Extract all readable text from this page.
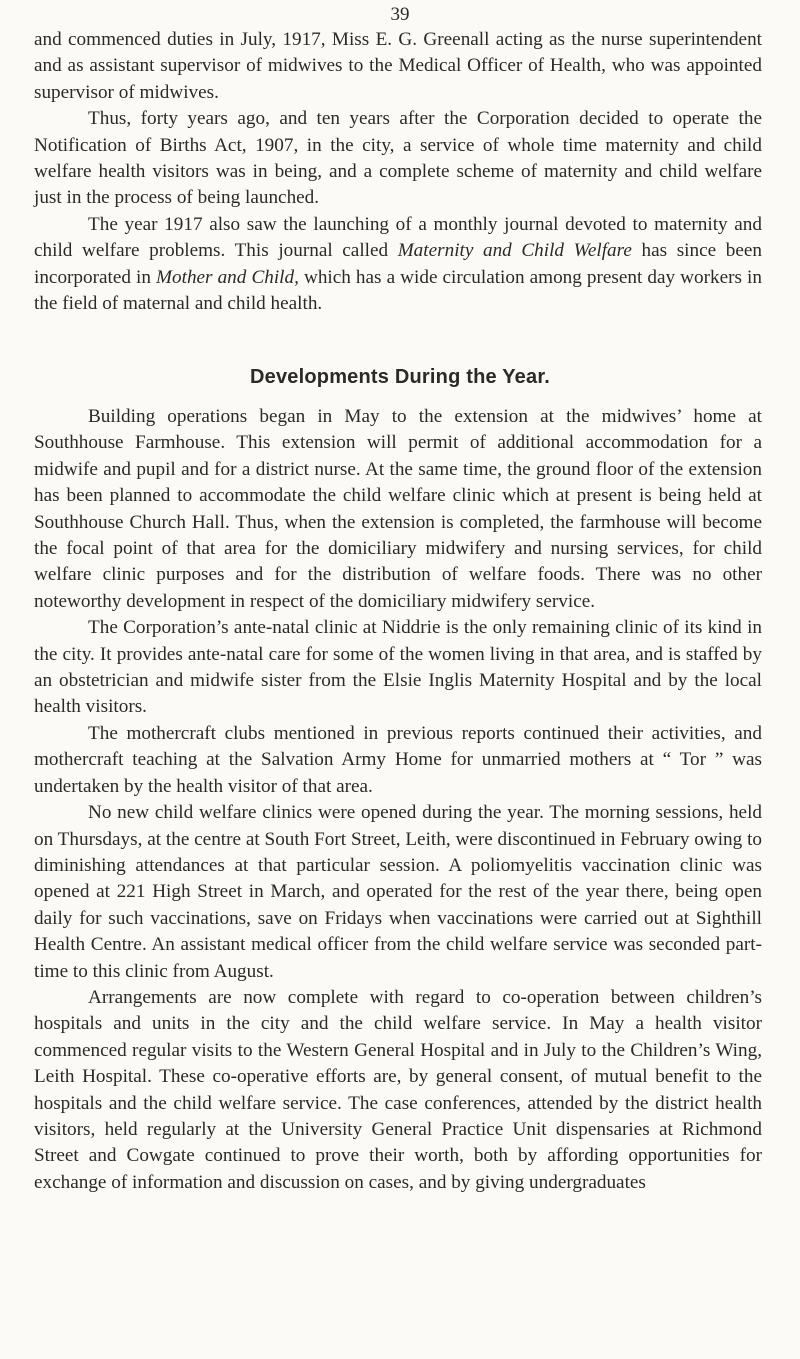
39

and commenced duties in July, 1917, Miss E. G. Greenall acting as the nurse superintendent and as assistant supervisor of midwives to the Medical Officer of Health, who was appointed supervisor of midwives.

Thus, forty years ago, and ten years after the Corporation decided to operate the Notification of Births Act, 1907, in the city, a service of whole time maternity and child welfare health visitors was in being, and a complete scheme of maternity and child welfare just in the process of being launched.

The year 1917 also saw the launching of a monthly journal devoted to maternity and child welfare problems. This journal called Maternity and Child Welfare has since been incorporated in Mother and Child, which has a wide circulation among present day workers in the field of maternal and child health.

Developments During the Year.

Building operations began in May to the extension at the midwives’ home at Southhouse Farmhouse. This extension will permit of additional accommodation for a midwife and pupil and for a district nurse. At the same time, the ground floor of the extension has been planned to accommodate the child welfare clinic which at present is being held at Southhouse Church Hall. Thus, when the extension is completed, the farmhouse will become the focal point of that area for the domiciliary midwifery and nursing services, for child welfare clinic purposes and for the distribution of welfare foods. There was no other noteworthy development in respect of the domiciliary midwifery service.

The Corporation’s ante-natal clinic at Niddrie is the only remaining clinic of its kind in the city. It provides ante-natal care for some of the women living in that area, and is staffed by an obstetrician and midwife sister from the Elsie Inglis Maternity Hospital and by the local health visitors.

The mothercraft clubs mentioned in previous reports continued their activities, and mothercraft teaching at the Salvation Army Home for unmarried mothers at “ Tor ” was undertaken by the health visitor of that area.

No new child welfare clinics were opened during the year. The morning sessions, held on Thursdays, at the centre at South Fort Street, Leith, were discontinued in February owing to diminishing attendances at that particular session. A poliomyelitis vaccination clinic was opened at 221 High Street in March, and operated for the rest of the year there, being open daily for such vaccinations, save on Fridays when vaccinations were carried out at Sighthill Health Centre. An assistant medical officer from the child welfare service was seconded part-time to this clinic from August.

Arrangements are now complete with regard to co-operation between children’s hospitals and units in the city and the child welfare service. In May a health visitor commenced regular visits to the Western General Hospital and in July to the Children’s Wing, Leith Hospital. These co-operative efforts are, by general consent, of mutual benefit to the hospitals and the child welfare service. The case conferences, attended by the district health visitors, held regularly at the University General Practice Unit dispensaries at Richmond Street and Cowgate continued to prove their worth, both by affording opportunities for exchange of information and discussion on cases, and by giving undergraduates
